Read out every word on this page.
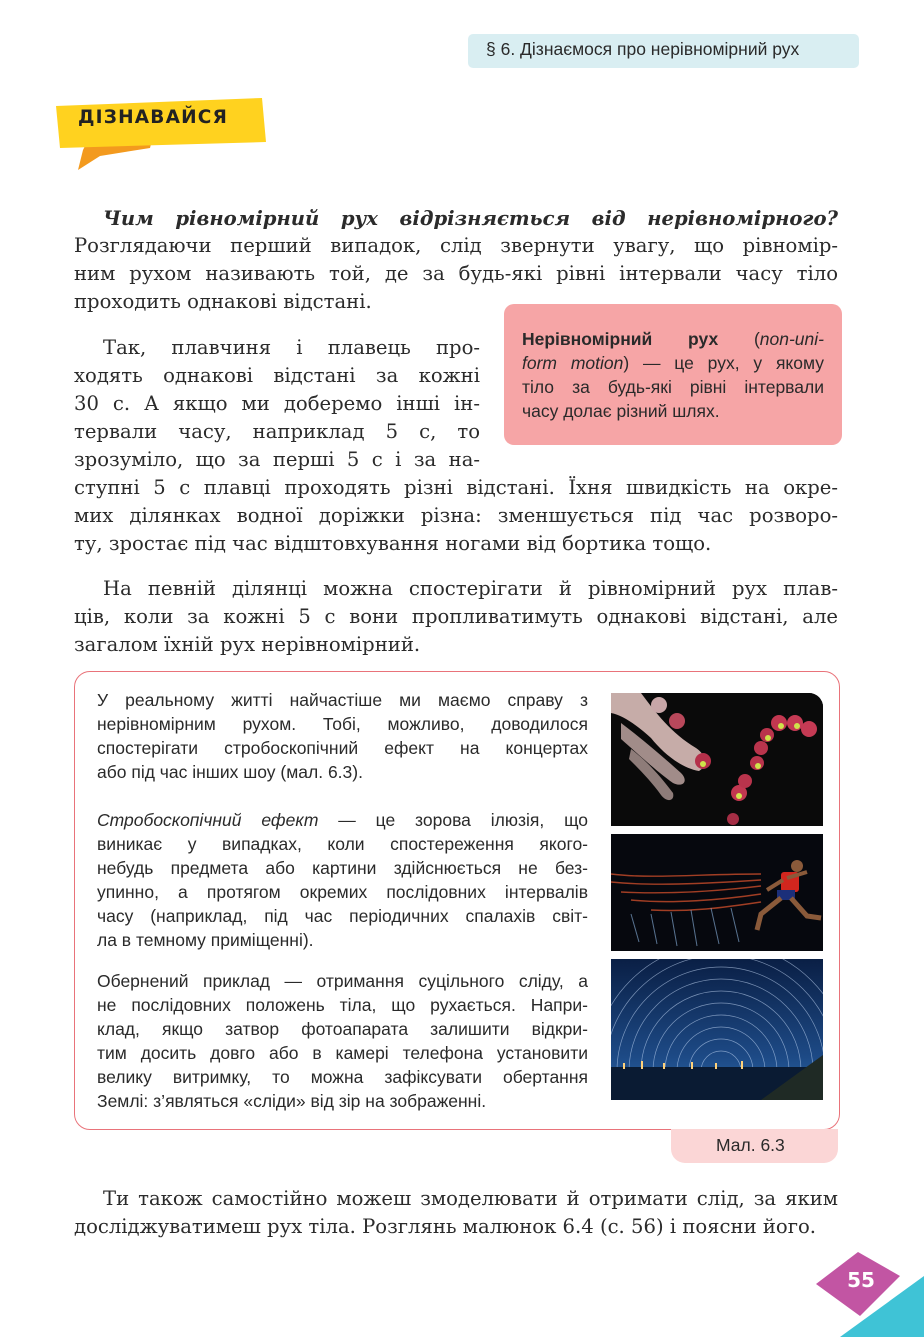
§ 6. Дізнаємося про нерівномірний рух
ДІЗНАВАЙСЯ
Чим рівномірний рух відрізняється від нерівномірного?
Розглядаючи перший випадок, слід звернути увагу, що рівномір-
ним рухом називають той, де за будь-які рівні інтервали часу тіло
проходить однакові відстані.
Так, плавчиня і плавець про-
ходять однакові відстані за кожні
30 с. А якщо ми доберемо інші ін-
тервали часу, наприклад 5 с, то
зрозуміло, що за перші 5 с і за на-
ступні 5 с плавці проходять різні відстані. Їхня швидкість на окре-
мих ділянках водної доріжки різна: зменшується під час розворо-
ту, зростає під час відштовхування ногами від бортика тощо.
Нерівномірний рух (non-uni-
form motion) — це рух, у якому
тіло за будь-які рівні інтервали
часу долає різний шлях.
На певній ділянці можна спостерігати й рівномірний рух плав-
ців, коли за кожні 5 с вони пропливатимуть однакові відстані, але
загалом їхній рух нерівномірний.
У реальному житті найчастіше ми маємо справу з
нерівномірним рухом. Тобі, можливо, доводилося
спостерігати стробоскопічний ефект на концертах
або під час інших шоу (мал. 6.3).
Стробоскопічний ефект — це зорова ілюзія, що
виникає у випадках, коли спостереження якого-
небудь предмета або картини здійснюється не без-
упинно, а протягом окремих послідовних інтервалів
часу (наприклад, під час періодичних спалахів світ-
ла в темному приміщенні).
Обернений приклад — отримання суцільного сліду, а
не послідовних положень тіла, що рухається. Напри-
клад, якщо затвор фотоапарата залишити відкри-
тим досить довго або в камері телефона установити
велику витримку, то можна зафіксувати обертання
Землі: з’являться «сліди» від зір на зображенні.
Мал. 6.3
Ти також самостійно можеш змоделювати й отримати слід, за яким
досліджуватимеш рух тіла. Розглянь малюнок 6.4 (с. 56) і поясни його.
55
